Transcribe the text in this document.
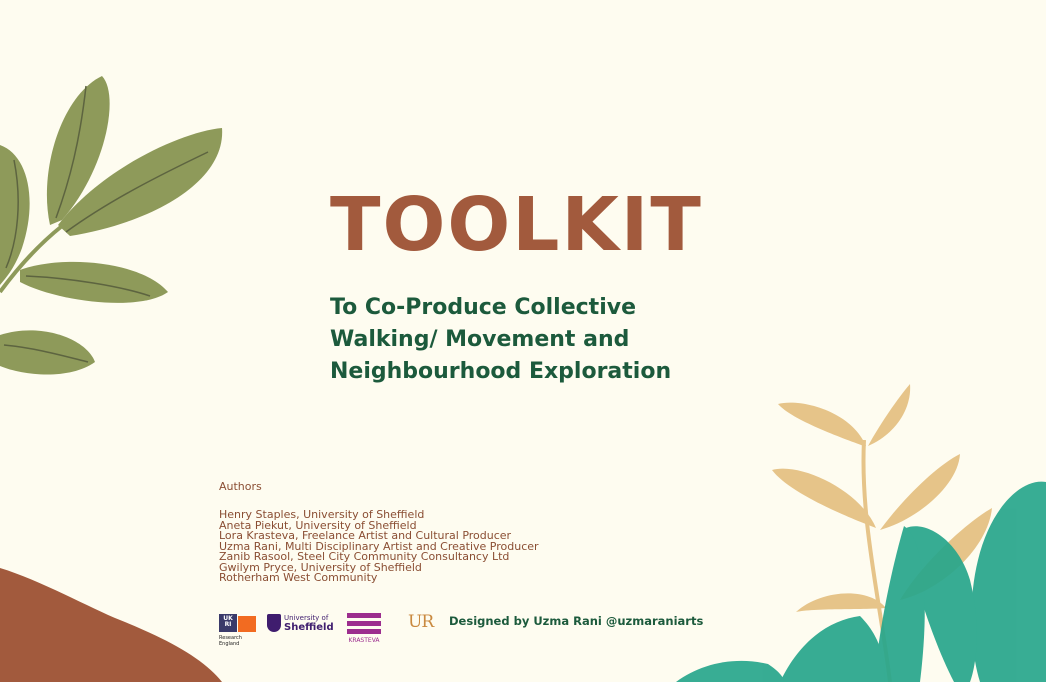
TOOLKIT
To Co-Produce Collective
Walking/ Movement and
Neighbourhood Exploration

Authors

Henry Staples, University of Sheffield
Aneta Piekut, University of Sheffield
Lora Krasteva, Freelance Artist and Cultural Producer
Uzma Rani, Multi Disciplinary Artist and Creative Producer
Zanib Rasool, Steel City Community Consultancy Ltd
Gwilym Pryce, University of Sheffield
Rotherham West Community
UK RI
Research England
University of
Sheffield
KRASTEVA
UR Designed by Uzma Rani @uzmaraniarts
